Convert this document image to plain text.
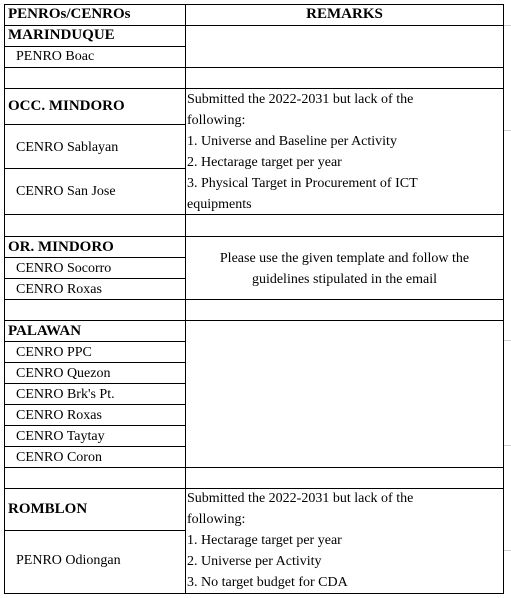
PENROs/CENROs	REMARKS
MARINDUQUE
PENRO Boac
OCC. MINDORO
CENRO Sablayan
CENRO San Jose
Submitted the 2022-2031 but lack of the
following:
1. Universe and Baseline per Activity
2. Hectarage target per year
3. Physical Target in Procurement of ICT
equipments
OR. MINDORO
CENRO Socorro
CENRO Roxas
Please use the given template and follow the
guidelines stipulated in the email
PALAWAN
CENRO PPC
CENRO Quezon
CENRO Brk's Pt.
CENRO Roxas
CENRO Taytay
CENRO Coron
ROMBLON
PENRO Odiongan
Submitted the 2022-2031 but lack of the
following:
1. Hectarage target per year
2. Universe per Activity
3. No target budget for CDA
